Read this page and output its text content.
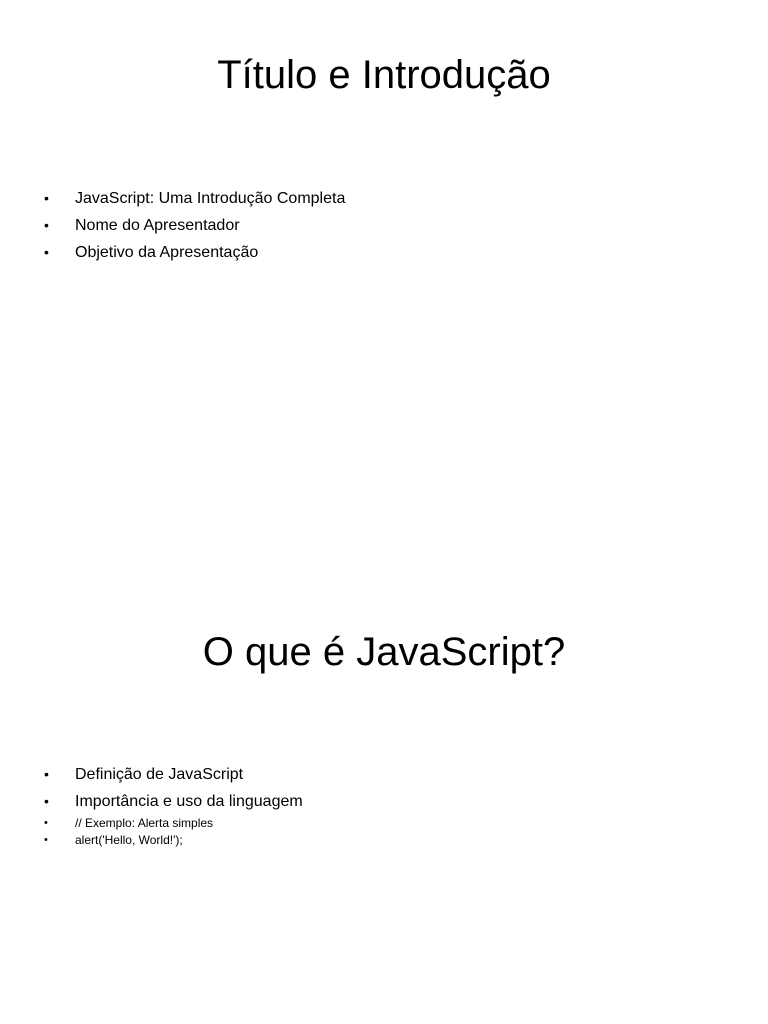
Título e Introdução
• JavaScript: Uma Introdução Completa
• Nome do Apresentador
• Objetivo da Apresentação
O que é JavaScript?
• Definição de JavaScript
• Importância e uso da linguagem
• // Exemplo: Alerta simples
• alert('Hello, World!');
